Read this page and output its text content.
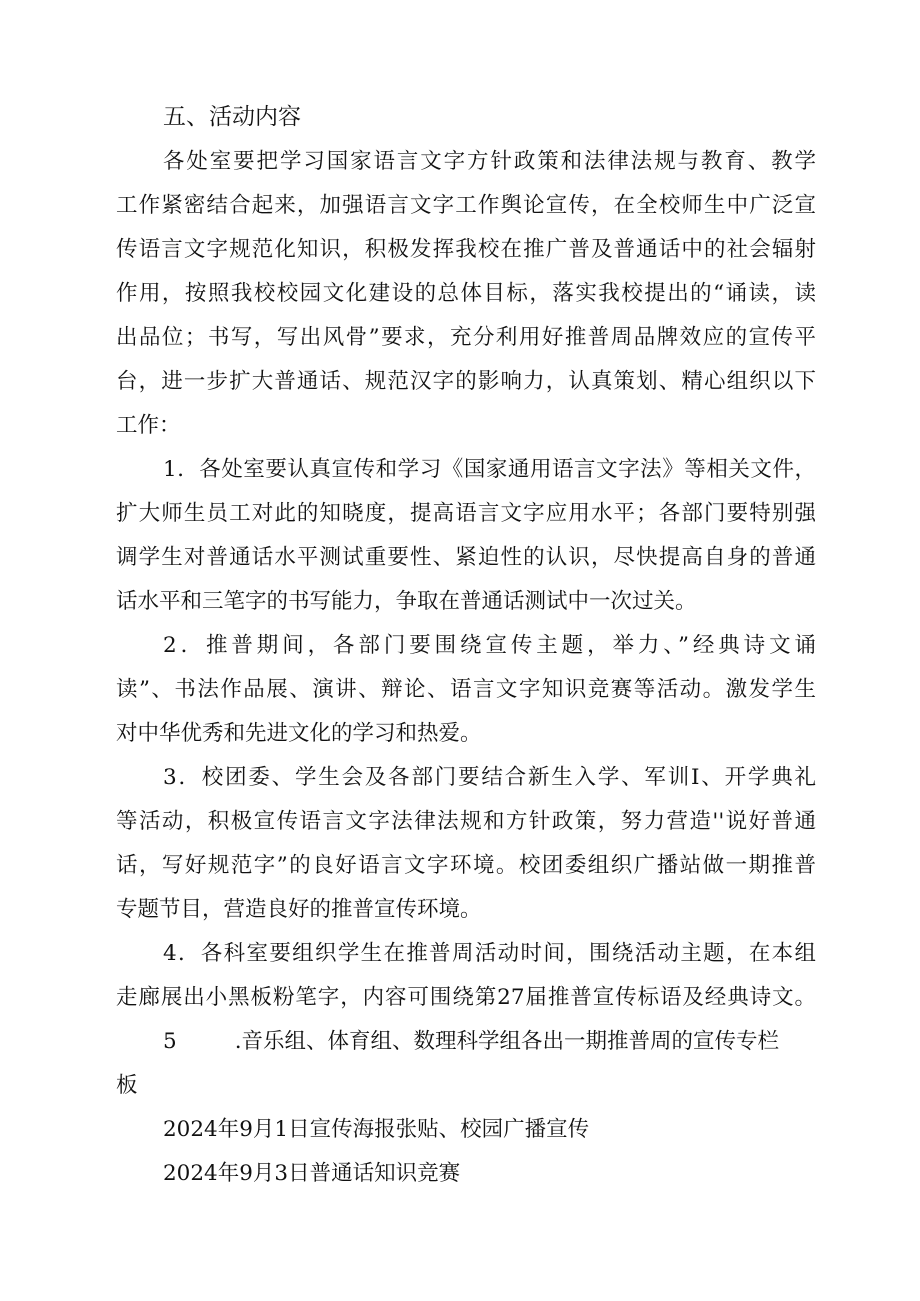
五、活动内容
各处室要把学习国家语言文字方针政策和法律法规与教育、教学
工作紧密结合起来，加强语言文字工作舆论宣传，在全校师生中广泛宣
传语言文字规范化知识，积极发挥我校在推广普及普通话中的社会辐射
作用，按照我校校园文化建设的总体目标，落实我校提出的“诵读，读
出品位；书写，写出风骨”要求，充分利用好推普周品牌效应的宣传平
台，进一步扩大普通话、规范汉字的影响力，认真策划、精心组织以下
工作：
1．各处室要认真宣传和学习《国家通用语言文字法》等相关文件，
扩大师生员工对此的知晓度，提高语言文字应用水平；各部门要特别强
调学生对普通话水平测试重要性、紧迫性的认识，尽快提高自身的普通
话水平和三笔字的书写能力，争取在普通话测试中一次过关。
2．推普期间，各部门要围绕宣传主题，举力、”经典诗文诵
读”、书法作品展、演讲、辩论、语言文字知识竞赛等活动。激发学生
对中华优秀和先进文化的学习和热爱。
3．校团委、学生会及各部门要结合新生入学、军训I、开学典礼
等活动，积极宣传语言文字法律法规和方针政策，努力营造''说好普通
话，写好规范字”的良好语言文字环境。校团委组织广播站做一期推普
专题节目，营造良好的推普宣传环境。
4．各科室要组织学生在推普周活动时间，围绕活动主题，在本组
走廊展出小黑板粉笔字，内容可围绕第27届推普宣传标语及经典诗文。
5	.音乐组、体育组、数理科学组各出一期推普周的宣传专栏
板
2024年9月1日宣传海报张贴、校园广播宣传
2024年9月3日普通话知识竞赛
